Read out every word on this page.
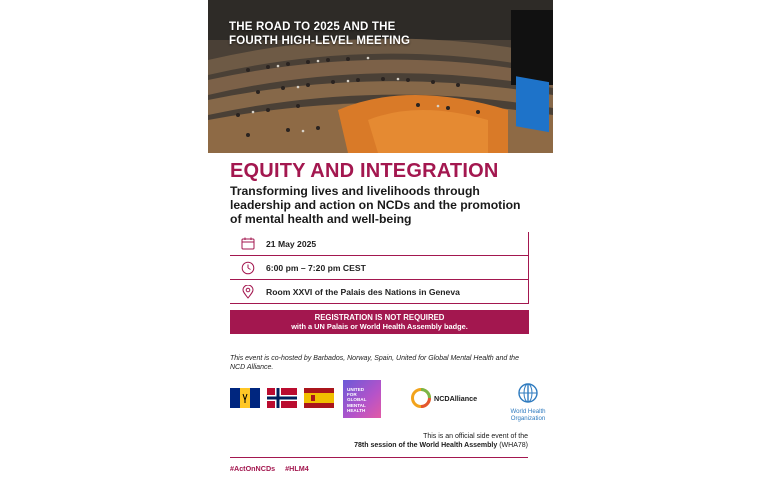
THE ROAD TO 2025 AND THE
FOURTH HIGH-LEVEL MEETING
EQUITY AND INTEGRATION
Transforming lives and livelihoods through
leadership and action on NCDs and the promotion
of mental health and well-being
21 May 2025
6:00 pm – 7:20 pm CEST
Room XXVI of the Palais des Nations in Geneva
REGISTRATION IS NOT REQUIRED
with a UN Palais or World Health Assembly badge.
This event is co-hosted by Barbados, Norway, Spain, United for Global Mental Health and the NCD Alliance.
UNITED
FOR
GLOBAL
MENTAL
HEALTH
NCDAlliance
World Health
Organization
This is an official side event of the
78th session of the World Health Assembly (WHA78)
#ActOnNCDs #HLM4
